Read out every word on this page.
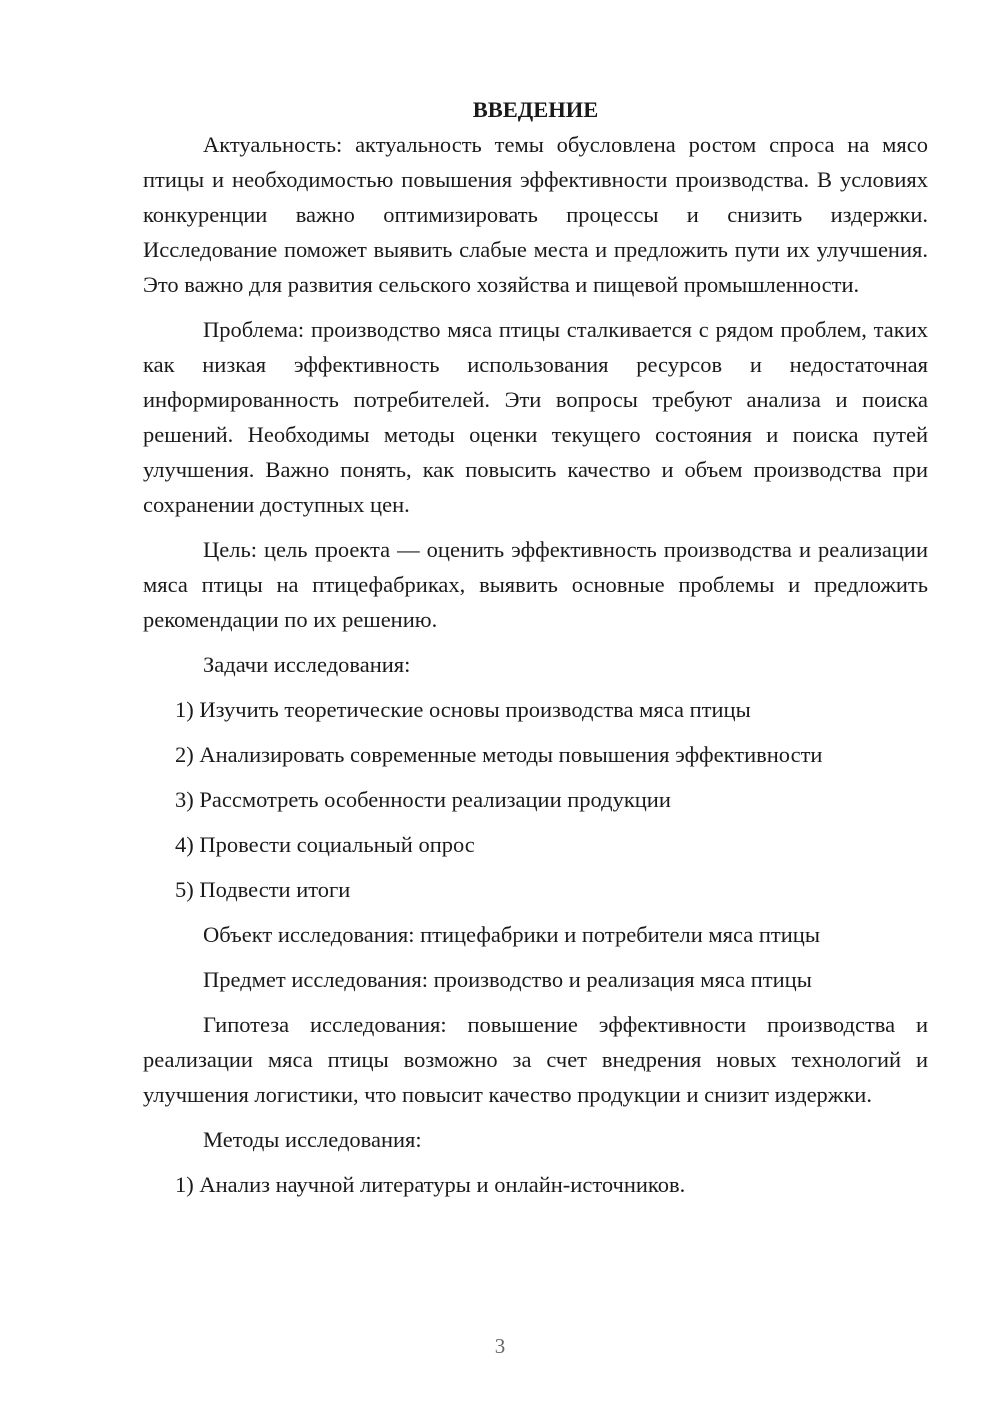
ВВЕДЕНИЕ

Актуальность: актуальность темы обусловлена ростом спроса на мясо птицы и необходимостью повышения эффективности производства. В условиях конкуренции важно оптимизировать процессы и снизить издержки. Исследование поможет выявить слабые места и предложить пути их улучшения. Это важно для развития сельского хозяйства и пищевой промышленности.

Проблема: производство мяса птицы сталкивается с рядом проблем, таких как низкая эффективность использования ресурсов и недостаточная информированность потребителей. Эти вопросы требуют анализа и поиска решений. Необходимы методы оценки текущего состояния и поиска путей улучшения. Важно понять, как повысить качество и объем производства при сохранении доступных цен.

Цель: цель проекта — оценить эффективность производства и реализации мяса птицы на птицефабриках, выявить основные проблемы и предложить рекомендации по их решению.

Задачи исследования:

1) Изучить теоретические основы производства мяса птицы

2) Анализировать современные методы повышения эффективности

3) Рассмотреть особенности реализации продукции

4) Провести социальный опрос

5) Подвести итоги

Объект исследования: птицефабрики и потребители мяса птицы

Предмет исследования: производство и реализация мяса птицы

Гипотеза исследования: повышение эффективности производства и реализации мяса птицы возможно за счет внедрения новых технологий и улучшения логистики, что повысит качество продукции и снизит издержки.

Методы исследования:

1) Анализ научной литературы и онлайн-источников.

3
